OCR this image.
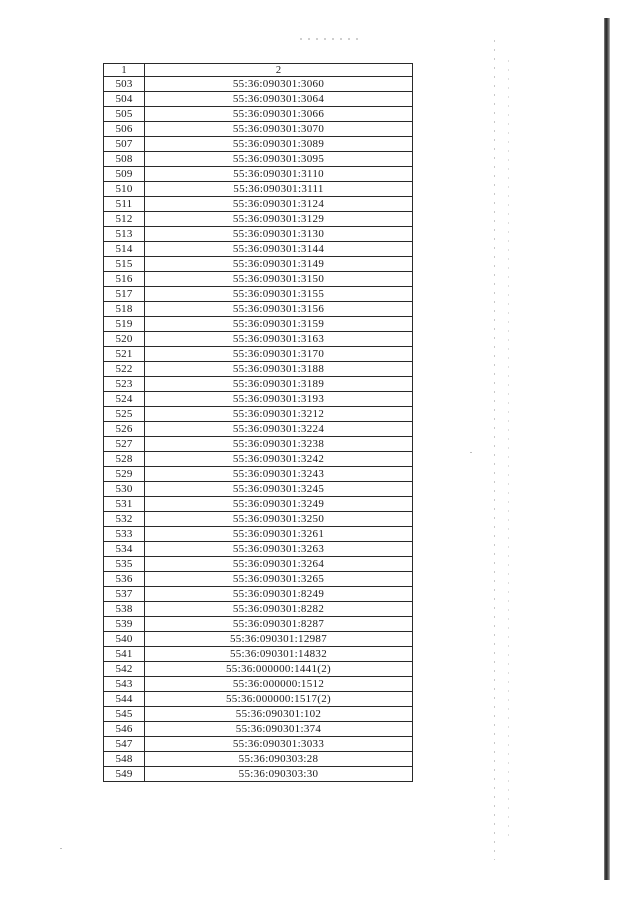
1	2
503	55:36:090301:3060
504	55:36:090301:3064
505	55:36:090301:3066
506	55:36:090301:3070
507	55:36:090301:3089
508	55:36:090301:3095
509	55:36:090301:3110
510	55:36:090301:3111
511	55:36:090301:3124
512	55:36:090301:3129
513	55:36:090301:3130
514	55:36:090301:3144
515	55:36:090301:3149
516	55:36:090301:3150
517	55:36:090301:3155
518	55:36:090301:3156
519	55:36:090301:3159
520	55:36:090301:3163
521	55:36:090301:3170
522	55:36:090301:3188
523	55:36:090301:3189
524	55:36:090301:3193
525	55:36:090301:3212
526	55:36:090301:3224
527	55:36:090301:3238
528	55:36:090301:3242
529	55:36:090301:3243
530	55:36:090301:3245
531	55:36:090301:3249
532	55:36:090301:3250
533	55:36:090301:3261
534	55:36:090301:3263
535	55:36:090301:3264
536	55:36:090301:3265
537	55:36:090301:8249
538	55:36:090301:8282
539	55:36:090301:8287
540	55:36:090301:12987
541	55:36:090301:14832
542	55:36:000000:1441(2)
543	55:36:000000:1512
544	55:36:000000:1517(2)
545	55:36:090301:102
546	55:36:090301:374
547	55:36:090301:3033
548	55:36:090303:28
549	55:36:090303:30
